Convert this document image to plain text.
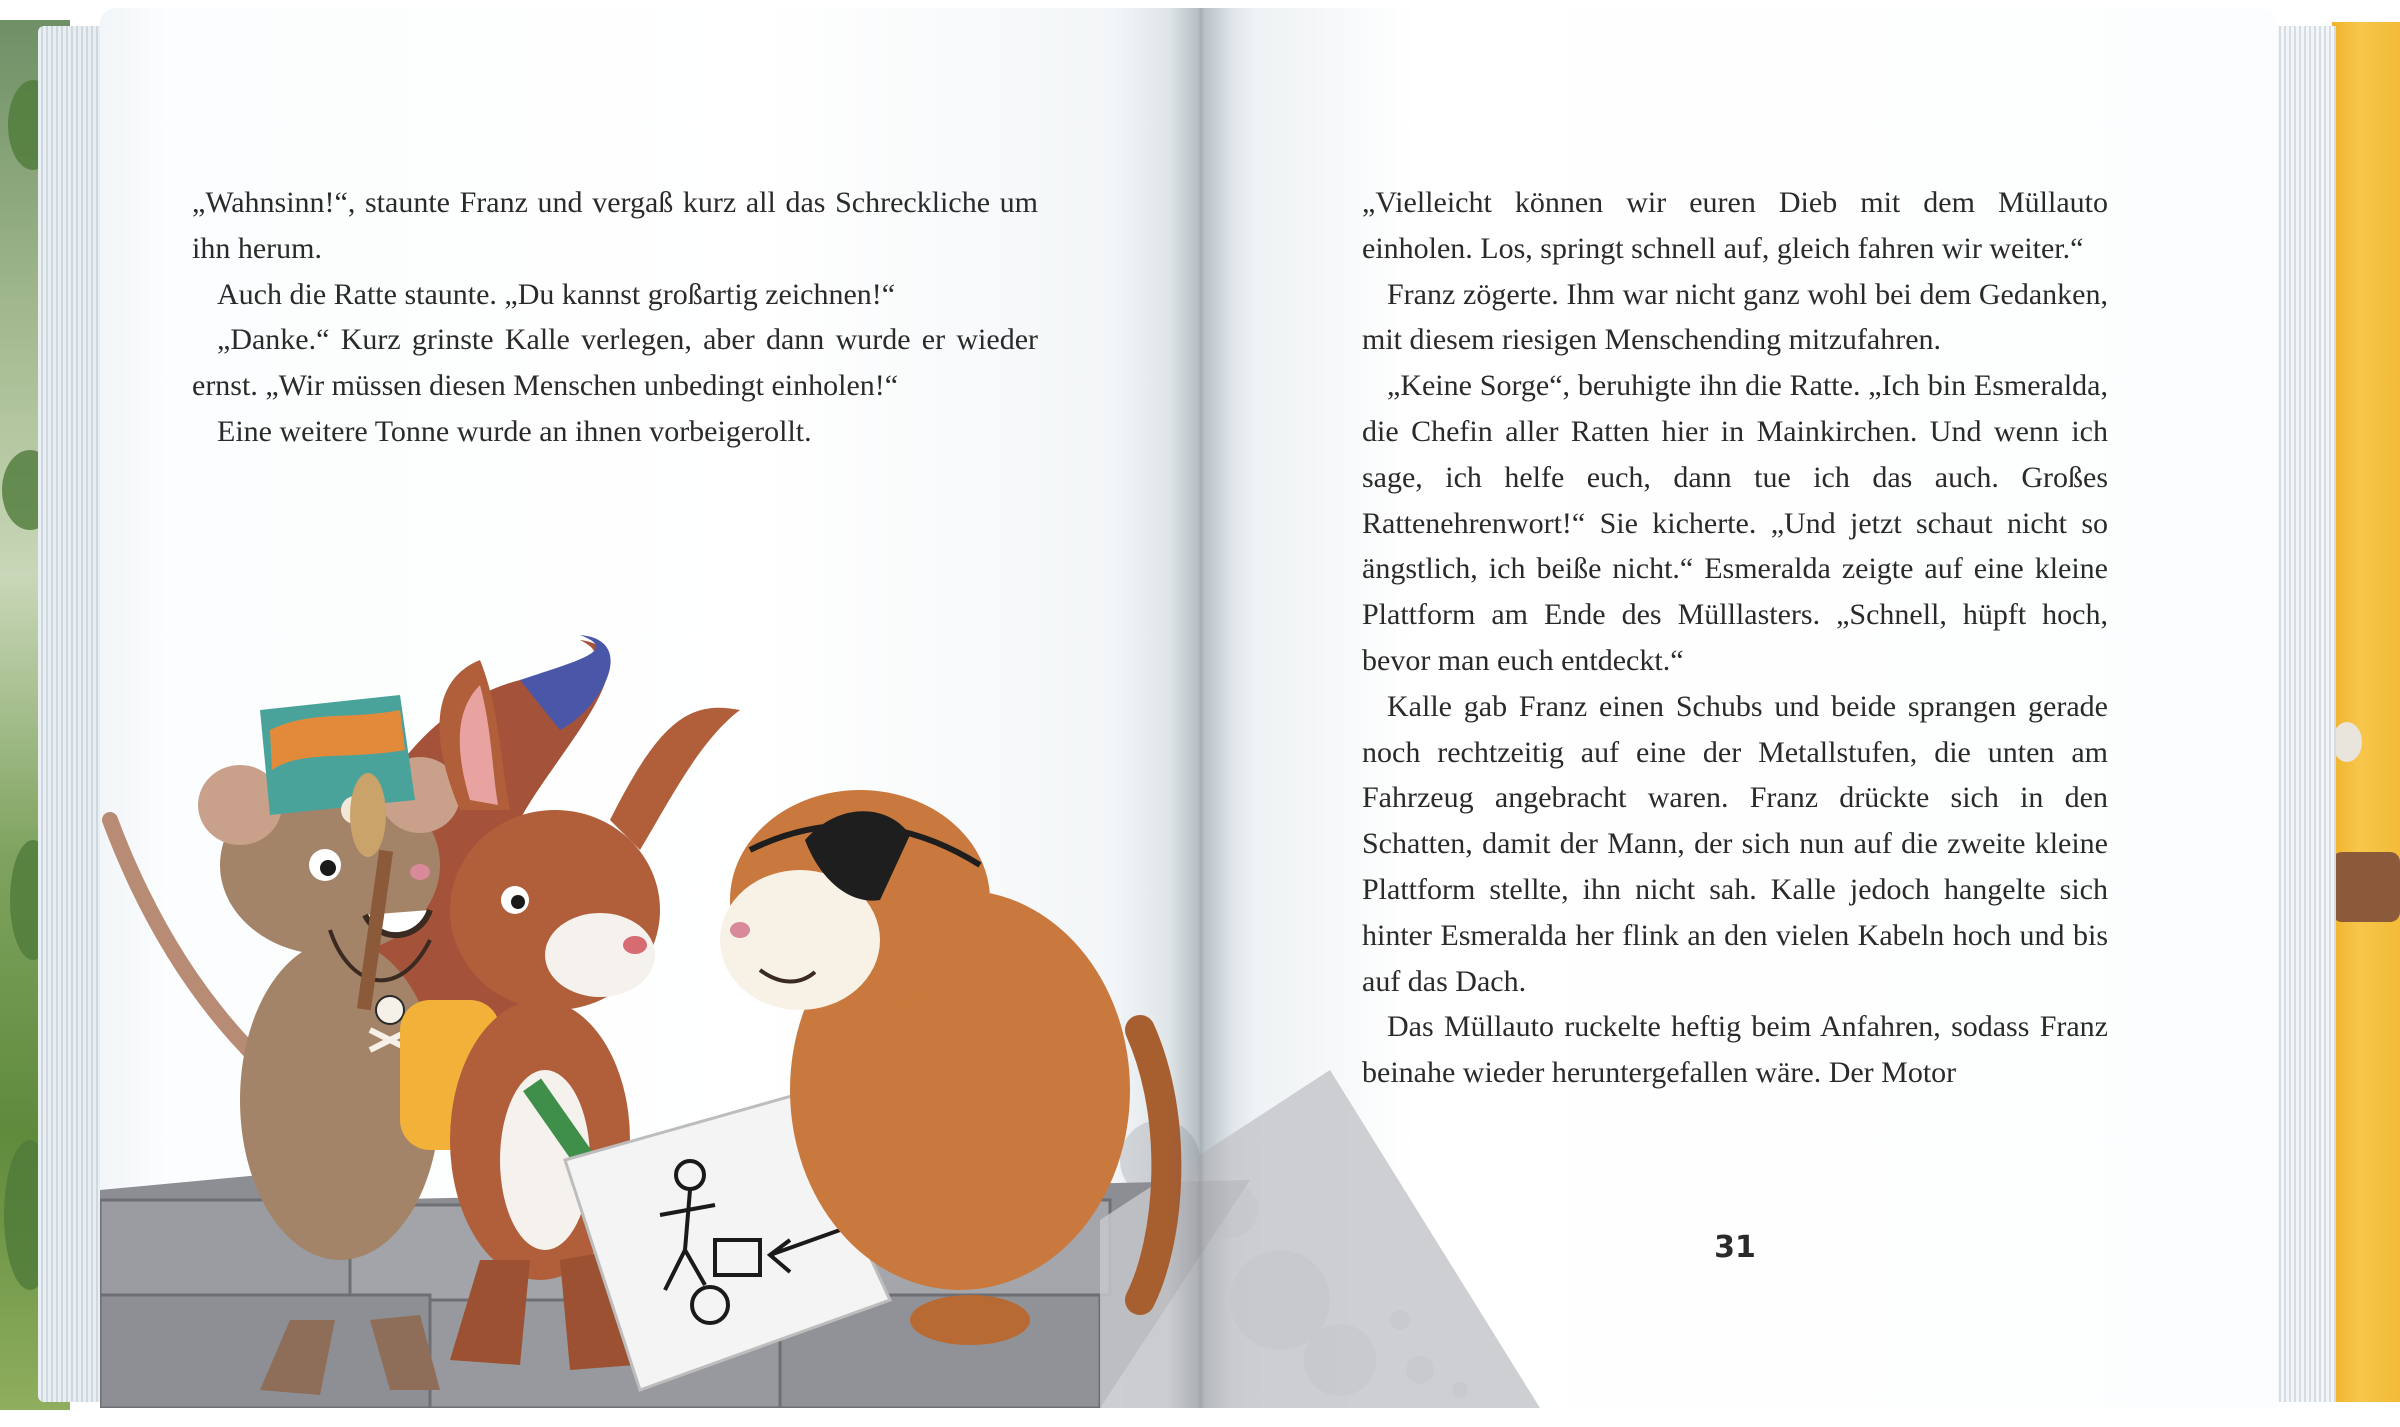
„Wahnsinn!“, staunte Franz und vergaß kurz all das Schreckliche um ihn herum.

Auch die Ratte staunte. „Du kannst großartig zeichnen!“

„Danke.“ Kurz grinste Kalle verlegen, aber dann wurde er wieder ernst. „Wir müssen diesen Menschen unbedingt einholen!“

Eine weitere Tonne wurde an ihnen vorbeigerollt.

„Vielleicht können wir euren Dieb mit dem Müllauto einholen. Los, springt schnell auf, gleich fahren wir weiter.“

Franz zögerte. Ihm war nicht ganz wohl bei dem Gedanken, mit diesem riesigen Menschending mitzufahren.

„Keine Sorge“, beruhigte ihn die Ratte. „Ich bin Esmeralda, die Chefin aller Ratten hier in Mainkirchen. Und wenn ich sage, ich helfe euch, dann tue ich das auch. Großes Rattenehrenwort!“ Sie kicherte. „Und jetzt schaut nicht so ängstlich, ich beiße nicht.“ Esmeralda zeigte auf eine kleine Plattform am Ende des Mülllasters. „Schnell, hüpft hoch, bevor man euch entdeckt.“

Kalle gab Franz einen Schubs und beide sprangen gerade noch rechtzeitig auf eine der Metallstufen, die unten am Fahrzeug angebracht waren. Franz drückte sich in den Schatten, damit der Mann, der sich nun auf die zweite kleine Plattform stellte, ihn nicht sah. Kalle jedoch hangelte sich hinter Esmeralda her flink an den vielen Kabeln hoch und bis auf das Dach.

Das Müllauto ruckelte heftig beim Anfahren, sodass Franz beinahe wieder heruntergefallen wäre. Der Motor

31
